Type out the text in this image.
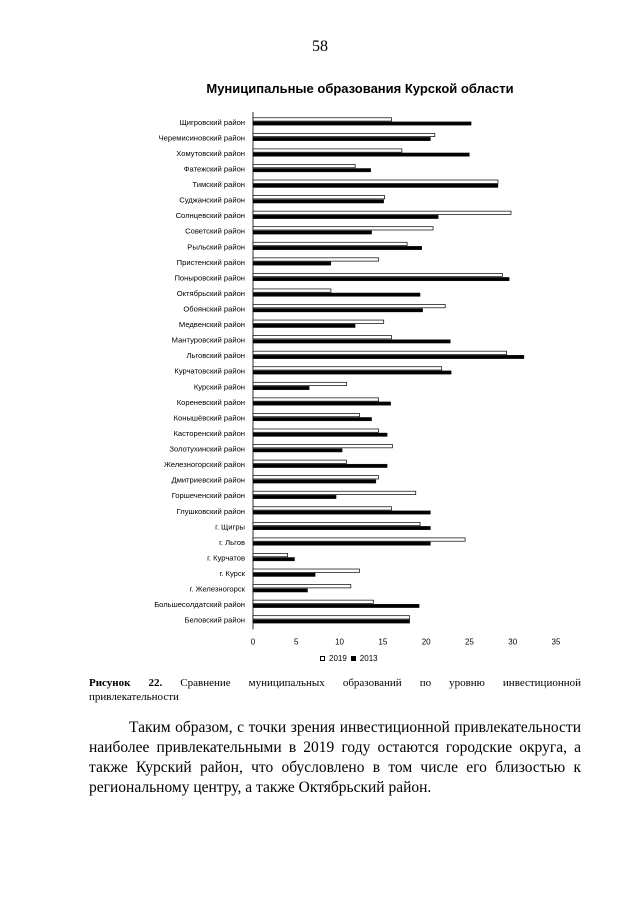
58
Муниципальные образования Курской области
Щигровский район
Черемисиновский район
Хомутовский район
Фатежский район
Тимский район
Суджанский район
Солнцевский район
Советский район
Рыльский район
Пристенский район
Поныровский район
Октябрьский район
Обоянский район
Медвенский район
Мантуровский район
Льговский район
Курчатовский район
Курский район
Кореневский район
Конышёвский район
Касторенский район
Золотухинский район
Железногорский район
Дмитриевский район
Горшеченский район
Глушковский район
г. Щигры
г. Льгов
г. Курчатов
г. Курск
г. Железногорск
Большесолдатский район
Беловский район
0	5	10	15	20	25	30	35
2019 2013
Рисунок 22. Сравнение муниципальных образований по уровню инвестиционной
привлекательности

Таким образом, с точки зрения инвестиционной привлекательности наиболее привлекательными в 2019 году остаются городские округа, а также Курский район, что обусловлено в том числе его близостью к региональному центру, а также Октябрьский район.
